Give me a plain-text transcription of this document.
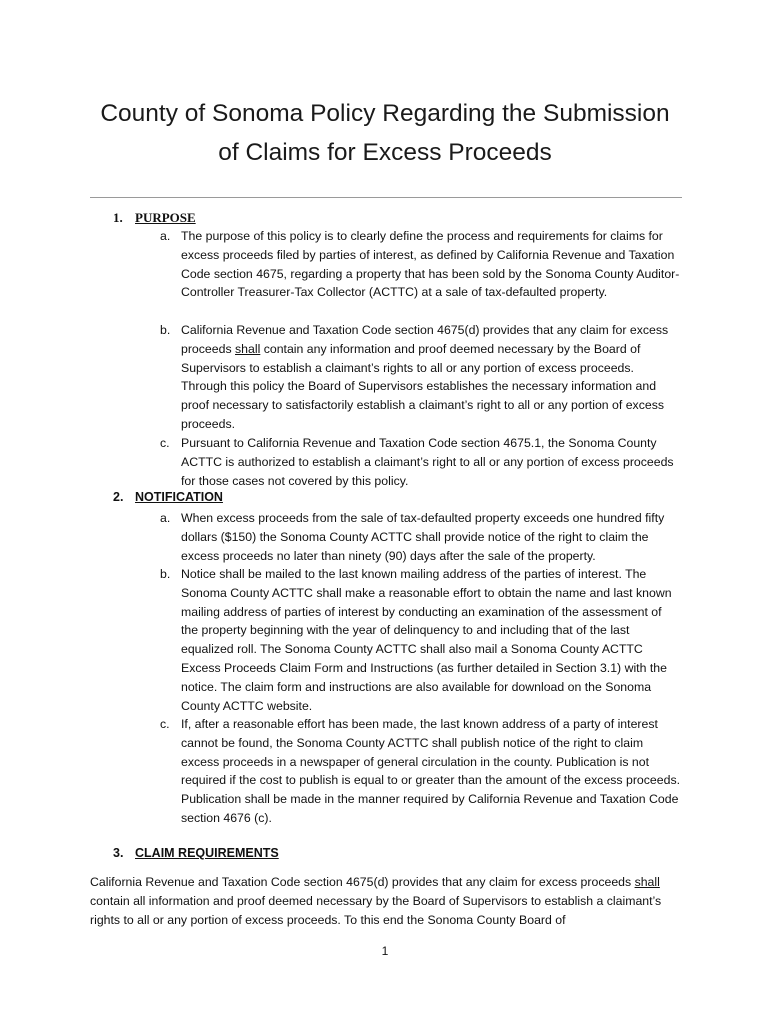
County of Sonoma Policy Regarding the Submission
of Claims for Excess Proceeds
1. PURPOSE
a. The purpose of this policy is to clearly define the process and requirements for claims for excess proceeds filed by parties of interest, as defined by California Revenue and Taxation Code section 4675, regarding a property that has been sold by the Sonoma County Auditor-Controller Treasurer-Tax Collector (ACTTC) at a sale of tax-defaulted property.
b. California Revenue and Taxation Code section 4675(d) provides that any claim for excess proceeds shall contain any information and proof deemed necessary by the Board of Supervisors to establish a claimant’s rights to all or any portion of excess proceeds. Through this policy the Board of Supervisors establishes the necessary information and proof necessary to satisfactorily establish a claimant’s right to all or any portion of excess proceeds.
c. Pursuant to California Revenue and Taxation Code section 4675.1, the Sonoma County ACTTC is authorized to establish a claimant’s right to all or any portion of excess proceeds for those cases not covered by this policy.
2. NOTIFICATION
a. When excess proceeds from the sale of tax-defaulted property exceeds one hundred fifty dollars ($150) the Sonoma County ACTTC shall provide notice of the right to claim the excess proceeds no later than ninety (90) days after the sale of the property.
b. Notice shall be mailed to the last known mailing address of the parties of interest. The Sonoma County ACTTC shall make a reasonable effort to obtain the name and last known mailing address of parties of interest by conducting an examination of the assessment of the property beginning with the year of delinquency to and including that of the last equalized roll. The Sonoma County ACTTC shall also mail a Sonoma County ACTTC Excess Proceeds Claim Form and Instructions (as further detailed in Section 3.1) with the notice. The claim form and instructions are also available for download on the Sonoma County ACTTC website.
c. If, after a reasonable effort has been made, the last known address of a party of interest cannot be found, the Sonoma County ACTTC shall publish notice of the right to claim excess proceeds in a newspaper of general circulation in the county. Publication is not required if the cost to publish is equal to or greater than the amount of the excess proceeds. Publication shall be made in the manner required by California Revenue and Taxation Code section 4676 (c).
3. CLAIM REQUIREMENTS
California Revenue and Taxation Code section 4675(d) provides that any claim for excess proceeds shall contain all information and proof deemed necessary by the Board of Supervisors to establish a claimant’s rights to all or any portion of excess proceeds. To this end the Sonoma County Board of
1
